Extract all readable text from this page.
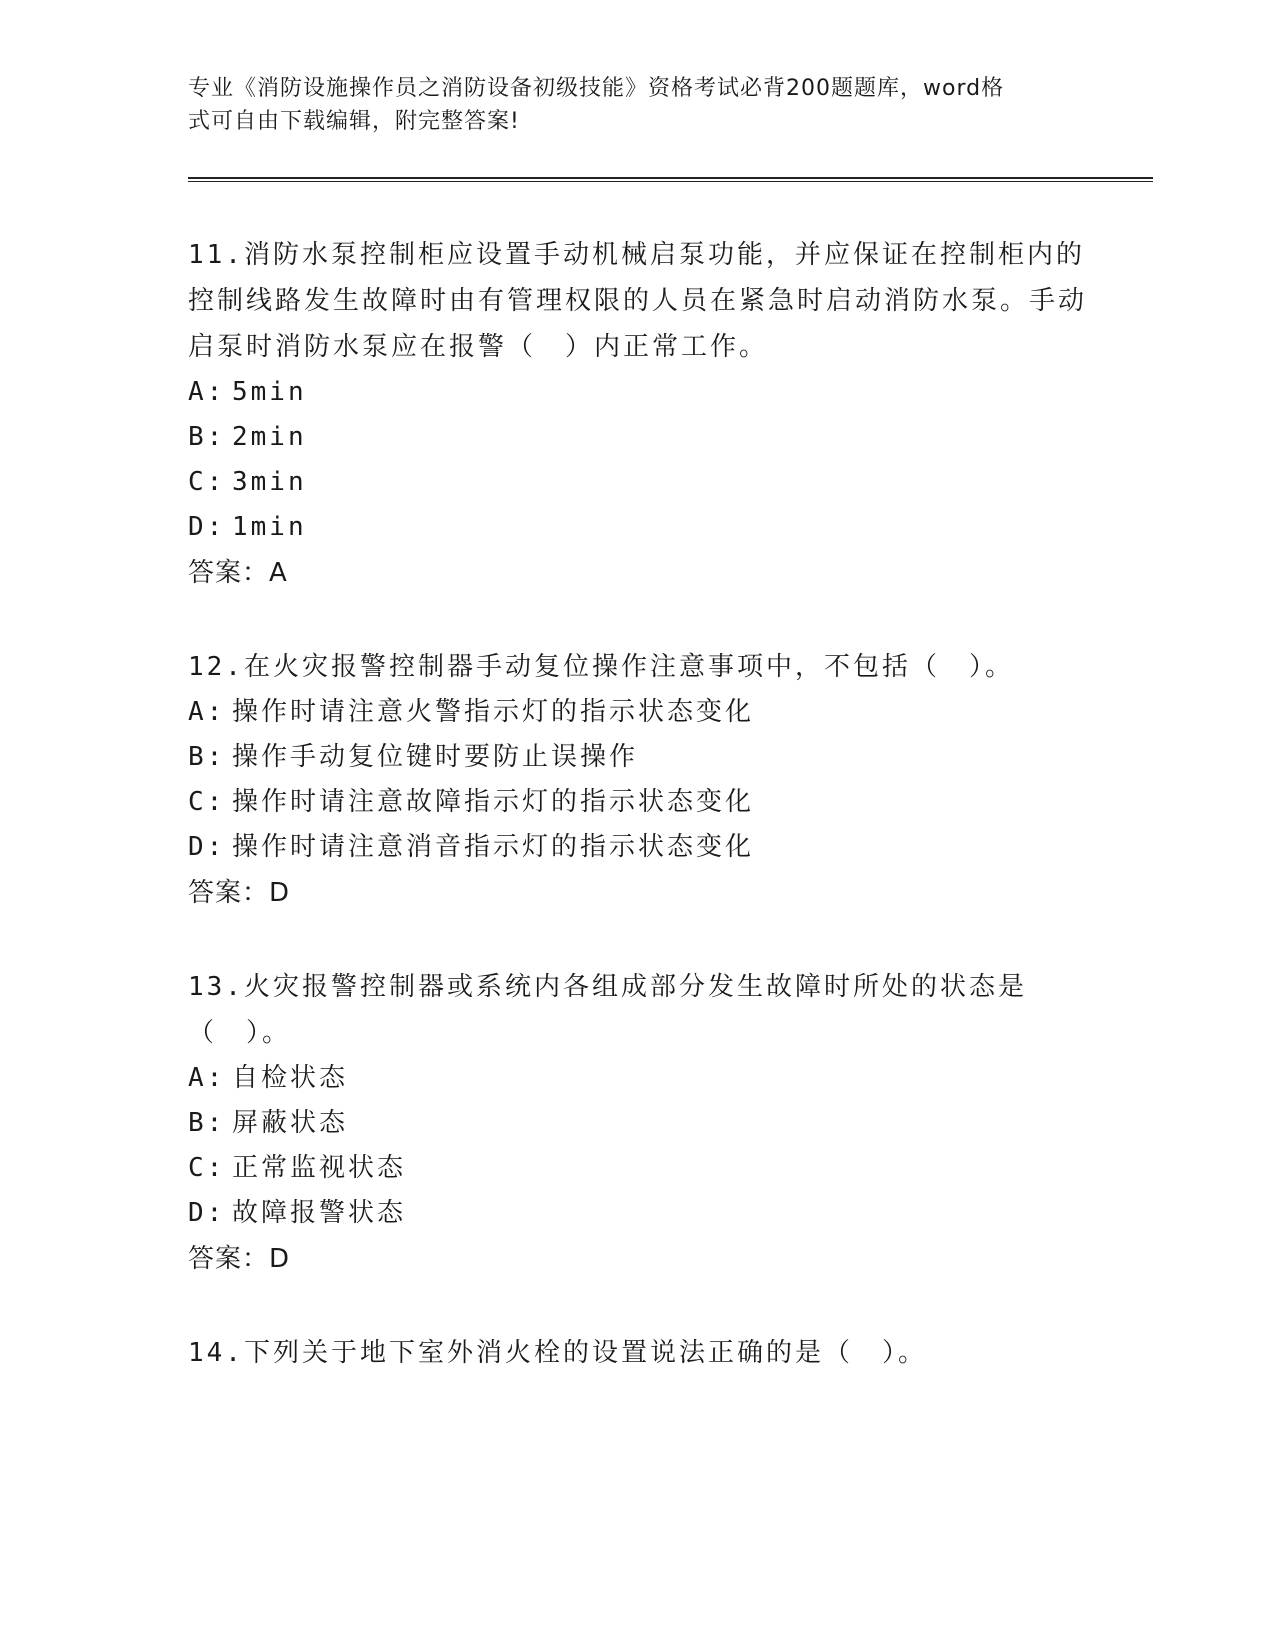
专业《消防设施操作员之消防设备初级技能》资格考试必背200题题库，word格
式可自由下载编辑，附完整答案!

11.消防水泵控制柜应设置手动机械启泵功能，并应保证在控制柜内的控制线路发生故障时由有管理权限的人员在紧急时启动消防水泵。手动启泵时消防水泵应在报警（　）内正常工作。

A: 5min
B: 2min
C: 3min
D: 1min
答案：A

12.在火灾报警控制器手动复位操作注意事项中，不包括（　）。

A: 操作时请注意火警指示灯的指示状态变化
B: 操作手动复位键时要防止误操作
C: 操作时请注意故障指示灯的指示状态变化
D: 操作时请注意消音指示灯的指示状态变化
答案：D

13.火灾报警控制器或系统内各组成部分发生故障时所处的状态是（　）。

A: 自检状态
B: 屏蔽状态
C: 正常监视状态
D: 故障报警状态
答案：D

14.下列关于地下室外消火栓的设置说法正确的是（　）。
